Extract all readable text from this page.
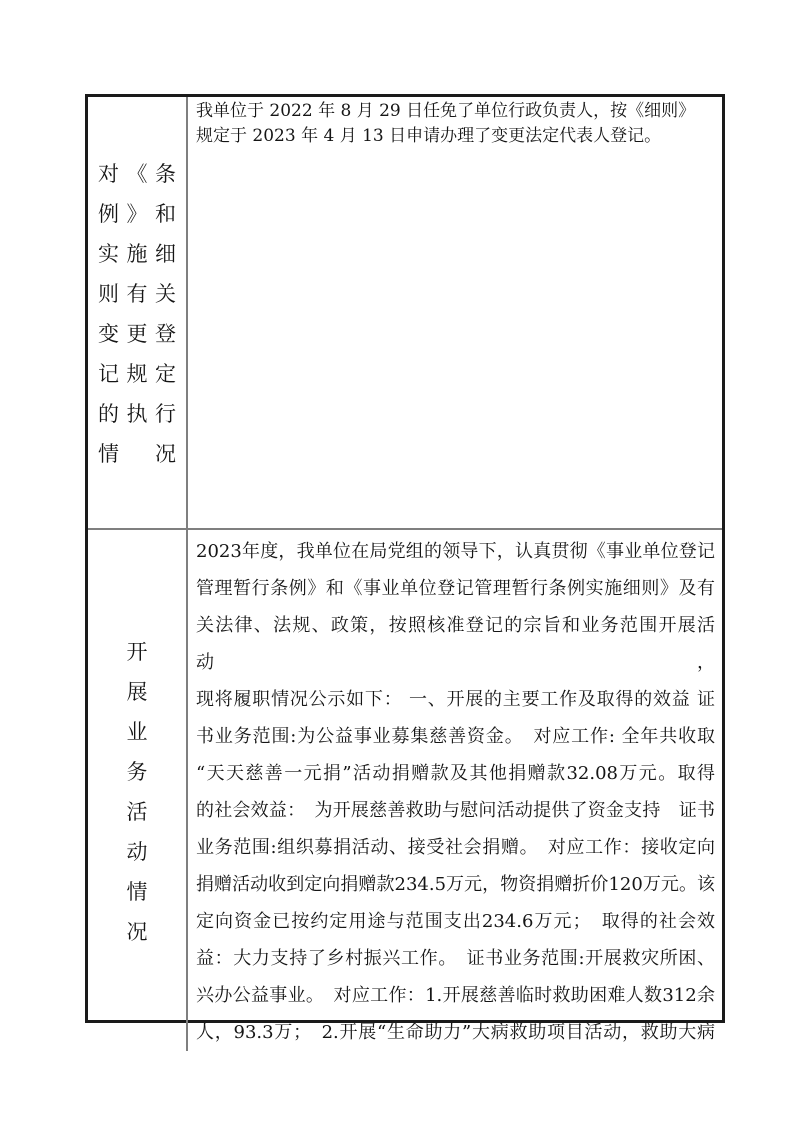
对 《 条
例 》 和
实 施 细
则 有 关
变 更 登
记 规 定
的 执 行
情 况
我单位于 2022 年 8 月 29 日任免了单位行政负责人，按《细则》
规定于 2023 年 4 月 13 日申请办理了变更法定代表人登记。
开
展
业
务
活
动
情
况
2023年度，我单位在局党组的领导下，认真贯彻《事业单位登记
管理暂行条例》和《事业单位登记管理暂行条例实施细则》及有
关法律、法规、政策，按照核准登记的宗旨和业务范围开展活动，
现将履职情况公示如下： 一、开展的主要工作及取得的效益 证
书业务范围:为公益事业募集慈善资金。　对应工作: 全年共收取
“天天慈善一元捐”活动捐赠款及其他捐赠款32.08万元。取得
的社会效益：　为开展慈善救助与慰问活动提供了资金支持　证书
业务范围:组织募捐活动、接受社会捐赠。　对应工作：接收定向
捐赠活动收到定向捐赠款234.5万元，物资捐赠折价120万元。该
定向资金已按约定用途与范围支出234.6万元；　取得的社会效
益：大力支持了乡村振兴工作。　证书业务范围:开展救灾所困、
兴办公益事业。　对应工作：1.开展慈善临时救助困难人数312余
人，93.3万；　2.开展“生命助力”大病救助项目活动，救助大病
